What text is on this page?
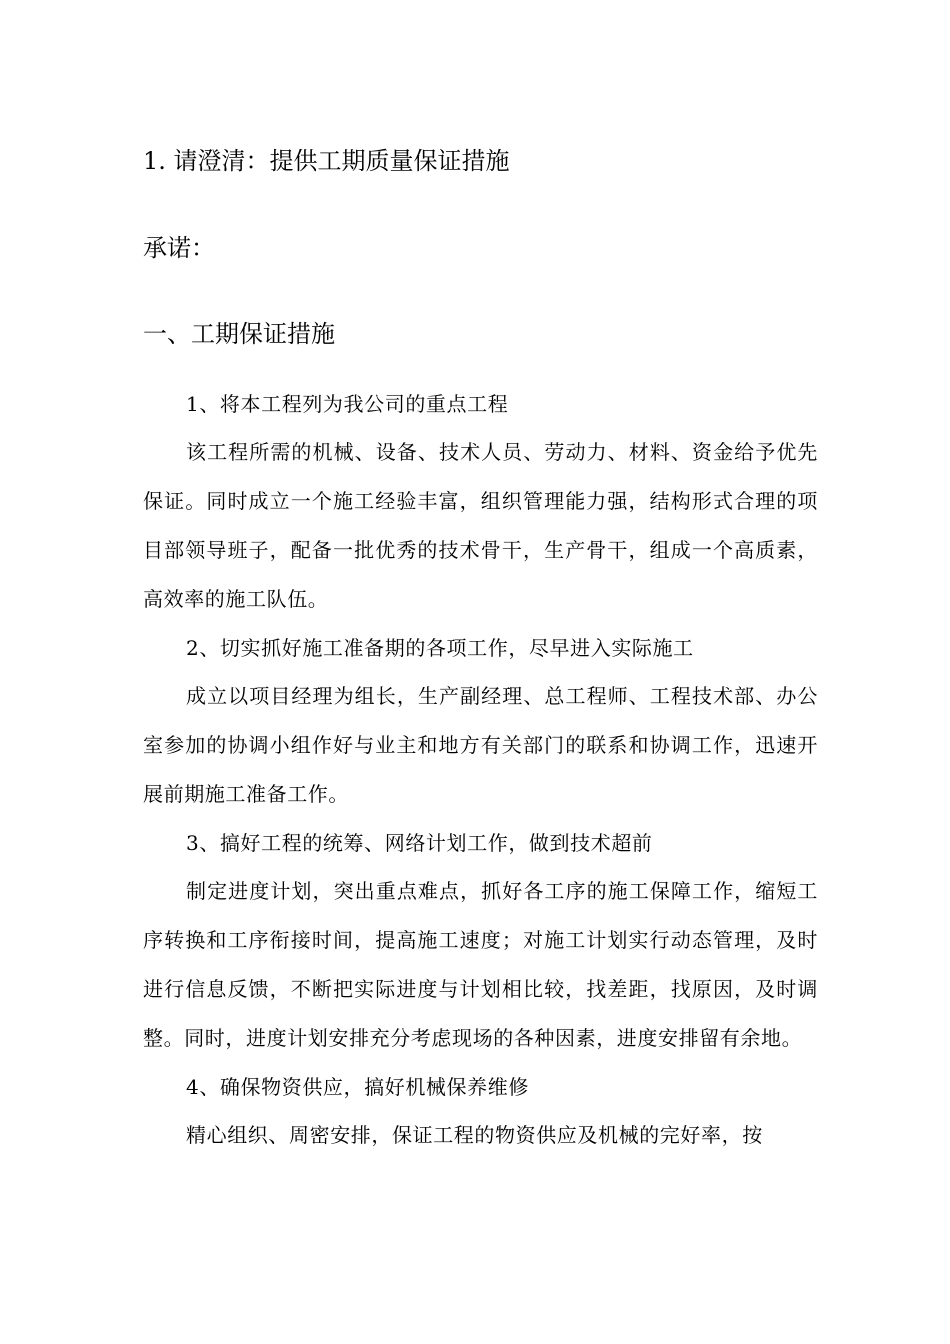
1. 请澄清：提供工期质量保证措施
承诺：
一、工期保证措施

1、将本工程列为我公司的重点工程

该工程所需的机械、设备、技术人员、劳动力、材料、资金给予优先保证。同时成立一个施工经验丰富，组织管理能力强，结构形式合理的项目部领导班子，配备一批优秀的技术骨干，生产骨干，组成一个高质素，高效率的施工队伍。

2、切实抓好施工准备期的各项工作，尽早进入实际施工

成立以项目经理为组长，生产副经理、总工程师、工程技术部、办公室参加的协调小组作好与业主和地方有关部门的联系和协调工作，迅速开展前期施工准备工作。

3、搞好工程的统筹、网络计划工作，做到技术超前

制定进度计划，突出重点难点，抓好各工序的施工保障工作，缩短工序转换和工序衔接时间，提高施工速度；对施工计划实行动态管理，及时进行信息反馈，不断把实际进度与计划相比较，找差距，找原因，及时调整。同时，进度计划安排充分考虑现场的各种因素，进度安排留有余地。

4、确保物资供应，搞好机械保养维修

精心组织、周密安排，保证工程的物资供应及机械的完好率，按
